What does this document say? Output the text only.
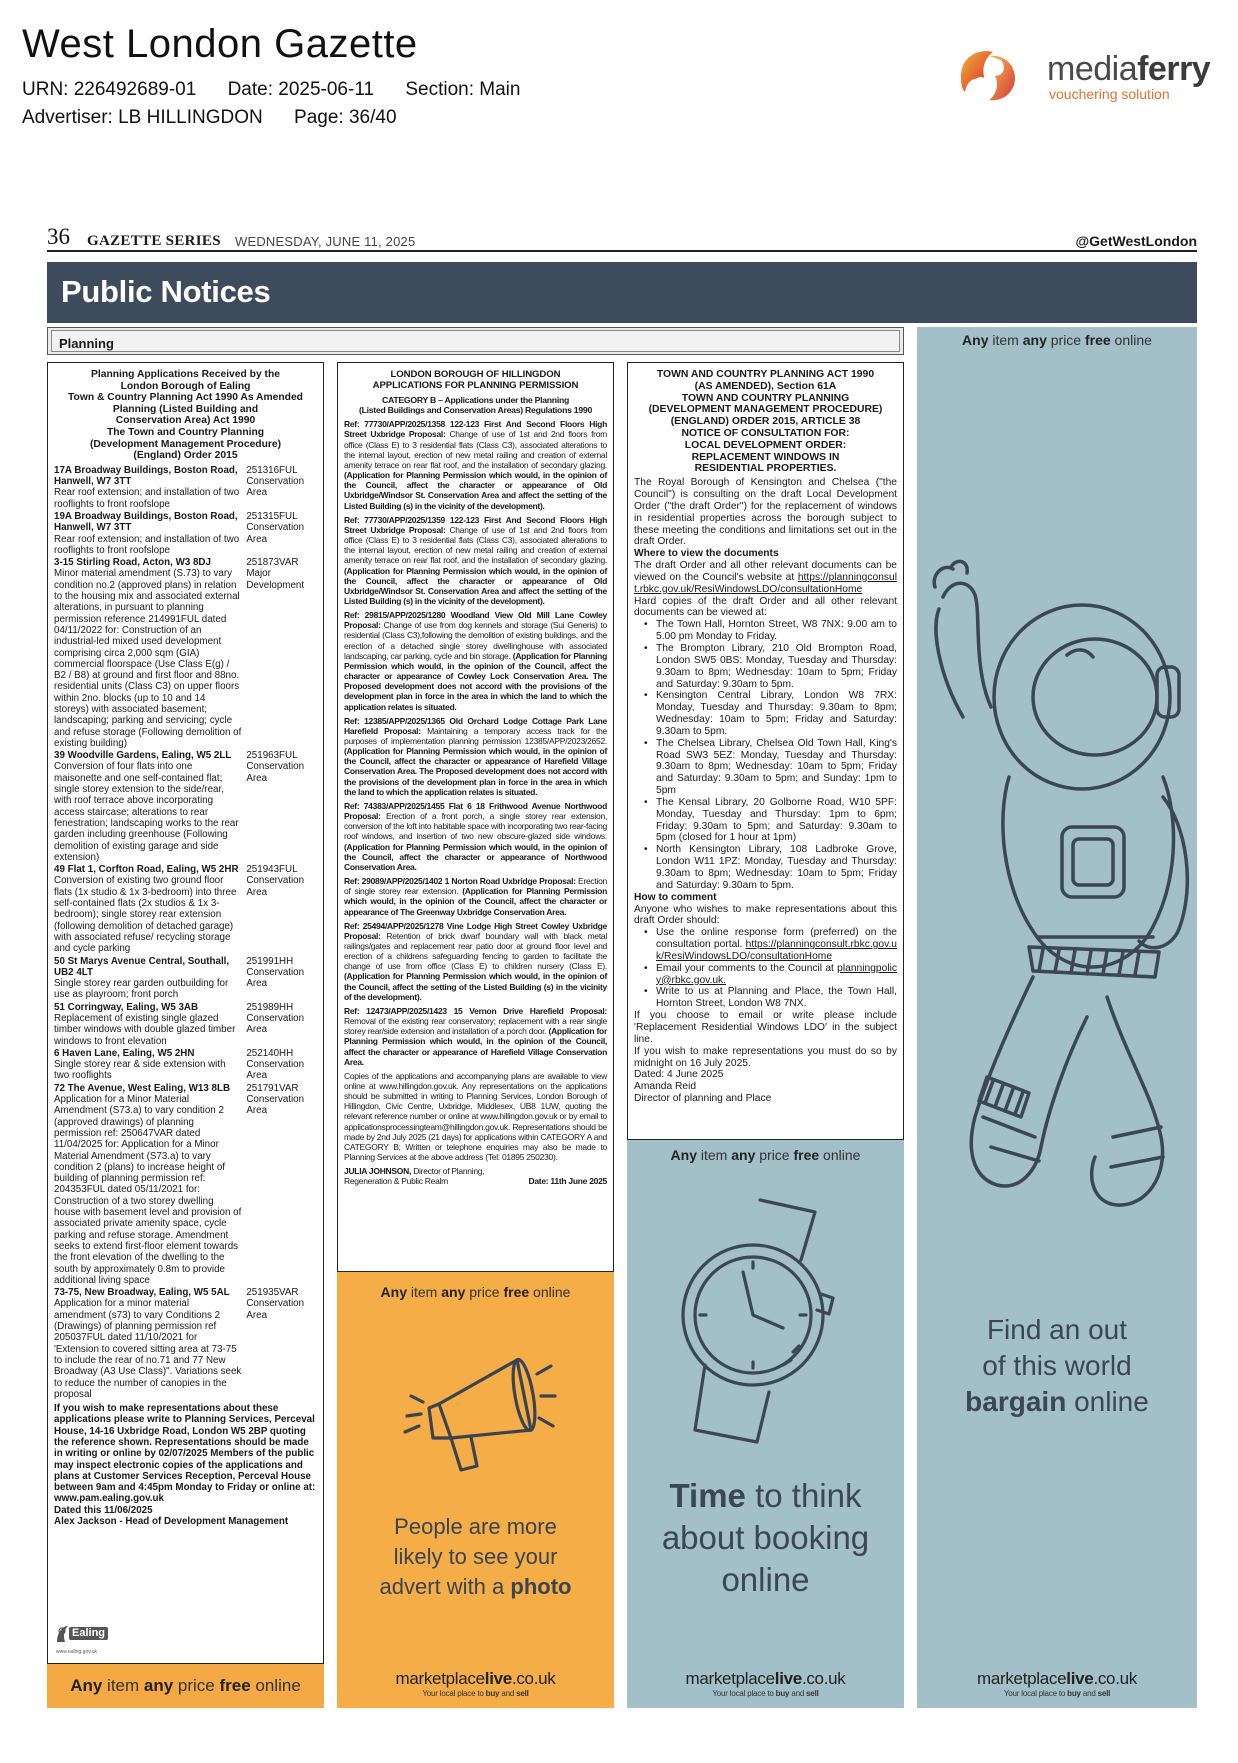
West London Gazette
URN: 226492689-01 Date: 2025-06-11 Section: Main
Advertiser: LB HILLINGDON Page: 36/40
mediaferry
vouchering solution
36 GAZETTE SERIES WEDNESDAY, JUNE 11, 2025	@GetWestLondon
Public Notices
Planning
Planning Applications Received by the
London Borough of Ealing
Town & Country Planning Act 1990 As Amended
Planning (Listed Building and
Conservation Area) Act 1990
The Town and Country Planning
(Development Management Procedure)
(England) Order 2015
17A Broadway Buildings, Boston Road, Hanwell, W7 3TT
Rear roof extension; and installation of two rooflights to front roofslope
251316FUL
Conservation Area
19A Broadway Buildings, Boston Road, Hanwell, W7 3TT
Rear roof extension; and installation of two rooflights to front roofslope
251315FUL
Conservation Area
3-15 Stirling Road, Acton, W3 8DJ
Minor material amendment (S.73) to vary condition no.2 (approved plans) in relation to the housing mix and associated external alterations, in pursuant to planning permission reference 214991FUL dated 04/11/2022 for: Construction of an industrial-led mixed used development comprising circa 2,000 sqm (GIA) commercial floorspace (Use Class E(g) / B2 / B8) at ground and first floor and 88no. residential units (Class C3) on upper floors within 2no. blocks (up to 10 and 14 storeys) with associated basement; landscaping; parking and servicing; cycle and refuse storage (Following demolition of existing building)
251873VAR
Major Development
39 Woodville Gardens, Ealing, W5 2LL
Conversion of four flats into one maisonette and one self-contained flat; single storey extension to the side/rear, with roof terrace above incorporating access staircase; alterations to rear fenestration; landscaping works to the rear garden including greenhouse (Following demolition of existing garage and side extension)
251963FUL
Conservation Area
49 Flat 1, Corfton Road, Ealing, W5 2HR
Conversion of existing two ground floor flats (1x studio & 1x 3-bedroom) into three self-contained flats (2x studios & 1x 3-bedroom); single storey rear extension (following demolition of detached garage) with associated refuse/ recycling storage and cycle parking
251943FUL
Conservation Area
50 St Marys Avenue Central, Southall, UB2 4LT
Single storey rear garden outbuilding for use as playroom; front porch
251991HH
Conservation Area
51 Corringway, Ealing, W5 3AB
Replacement of existing single glazed timber windows with double glazed timber windows to front elevation
251989HH
Conservation Area
6 Haven Lane, Ealing, W5 2HN
Single storey rear & side extension with two rooflights
252140HH
Conservation Area
72 The Avenue, West Ealing, W13 8LB
Application for a Minor Material Amendment (S73.a) to vary condition 2 (approved drawings) of planning permission ref: 250647VAR dated 11/04/2025 for: Application for a Minor Material Amendment (S73.a) to vary condition 2 (plans) to increase height of building of planning permission ref: 204353FUL dated 05/11/2021 for: Construction of a two storey dwelling house with basement level and provision of associated private amenity space, cycle parking and refuse storage. Amendment seeks to extend first-floor element towards the front elevation of the dwelling to the south by approximately 0.8m to provide additional living space
251791VAR
Conservation Area
73-75, New Broadway, Ealing, W5 5AL
Application for a minor material amendment (s73) to vary Conditions 2 (Drawings) of planning permission ref 205037FUL dated 11/10/2021 for 'Extension to covered sitting area at 73-75 to include the rear of no.71 and 77 New Broadway (A3 Use Class)". Variations seek to reduce the number of canopies in the proposal
251935VAR
Conservation Area
If you wish to make representations about these applications please write to Planning Services, Perceval House, 14-16 Uxbridge Road, London W5 2BP quoting the reference shown. Representations should be made in writing or online by 02/07/2025 Members of the public may inspect electronic copies of the applications and plans at Customer Services Reception, Perceval House between 9am and 4:45pm Monday to Friday or online at: www.pam.ealing.gov.uk
Dated this 11/06/2025
Alex Jackson - Head of Development Management
Ealing
www.ealing.gov.uk
LONDON BOROUGH OF HILLINGDON
APPLICATIONS FOR PLANNING PERMISSION
CATEGORY B – Applications under the Planning
(Listed Buildings and Conservation Areas) Regulations 1990

Ref: 77730/APP/2025/1358 122-123 First And Second Floors High Street Uxbridge Proposal: Change of use of 1st and 2nd floors from office (Class E) to 3 residential flats (Class C3), associated alterations to the internal layout, erection of new metal railing and creation of external amenity terrace on rear flat roof, and the installation of secondary glazing. (Application for Planning Permission which would, in the opinion of the Council, affect the character or appearance of Old Uxbridge/Windsor St. Conservation Area and affect the setting of the Listed Building (s) in the vicinity of the development).

Ref: 77730/APP/2025/1359 122-123 First And Second Floors High Street Uxbridge Proposal: Change of use of 1st and 2nd floors from office (Class E) to 3 residential flats (Class C3), associated alterations to the internal layout, erection of new metal railing and creation of external amenity terrace on rear flat roof, and the installation of secondary glazing. (Application for Planning Permission which would, in the opinion of the Council, affect the character or appearance of Old Uxbridge/Windsor St. Conservation Area and affect the setting of the Listed Building (s) in the vicinity of the development).

Ref: 29815/APP/2025/1280 Woodland View Old Mill Lane Cowley Proposal: Change of use from dog kennels and storage (Sui Generis) to residential (Class C3),following the demolition of existing buildings, and the erection of a detached single storey dwellinghouse with associated landscaping, car parking, cycle and bin storage. (Application for Planning Permission which would, in the opinion of the Council, affect the character or appearance of Cowley Lock Conservation Area. The Proposed development does not accord with the provisions of the development plan in force in the area in which the land to which the application relates is situated.

Ref: 12385/APP/2025/1365 Old Orchard Lodge Cottage Park Lane Harefield Proposal: Maintaining a temporary access track for the purposes of implementation planning permission 12385/APP/2023/2652. (Application for Planning Permission which would, in the opinion of the Council, affect the character or appearance of Harefield Village Conservation Area. The Proposed development does not accord with the provisions of the development plan in force in the area in which the land to which the application relates is situated.

Ref: 74383/APP/2025/1455 Flat 6 18 Frithwood Avenue Northwood Proposal: Erection of a front porch, a single storey rear extension, conversion of the loft into habitable space with incorporating two rear-facing roof windows, and insertion of two new obscure-glazed side windows. (Application for Planning Permission which would, in the opinion of the Council, affect the character or appearance of Northwood Conservation Area.

Ref: 29089/APP/2025/1402 1 Norton Road Uxbridge Proposal: Erection of single storey rear extension. (Application for Planning Permission which would, in the opinion of the Council, affect the character or appearance of The Greenway Uxbridge Conservation Area.

Ref: 25494/APP/2025/1278 Vine Lodge High Street Cowley Uxbridge Proposal: Retention of brick dwarf boundary wall with black metal railings/gates and replacement rear patio door at ground floor level and erection of a childrens safeguarding fencing to garden to facilitate the change of use from office (Class E) to children nursery (Class E). (Application for Planning Permission which would, in the opinion of the Council, affect the setting of the Listed Building (s) in the vicinity of the development).

Ref: 12473/APP/2025/1423 15 Vernon Drive Harefield Proposal: Removal of the existing rear conservatory; replacement with a rear single storey rear/side extension and installation of a porch door. (Application for Planning Permission which would, in the opinion of the Council, affect the character or appearance of Harefield Village Conservation Area.

Copies of the applications and accompanying plans are available to view online at www.hillingdon.gov.uk. Any representations on the applications should be submitted in writing to Planning Services, London Borough of Hillingdon, Civic Centre, Uxbridge, Middlesex, UB8 1UW, quoting the relevant reference number or online at www.hillingdon.gov.uk or by email to applicationsprocessingteam@hillingdon.gov.uk. Representations should be made by 2nd July 2025 (21 days) for applications within CATEGORY A and CATEGORY B; Written or telephone enquiries may also be made to Planning Services at the above address (Tel: 01895 250230).

JULIA JOHNSON, Director of Planning,
Regeneration & Public Realm	Date: 11th June 2025
TOWN AND COUNTRY PLANNING ACT 1990
(AS AMENDED), Section 61A
TOWN AND COUNTRY PLANNING
(DEVELOPMENT MANAGEMENT PROCEDURE)
(ENGLAND) ORDER 2015, ARTICLE 38
NOTICE OF CONSULTATION FOR:
LOCAL DEVELOPMENT ORDER:
REPLACEMENT WINDOWS IN
RESIDENTIAL PROPERTIES.
The Royal Borough of Kensington and Chelsea ("the Council") is consulting on the draft Local Development Order ("the draft Order") for the replacement of windows in residential properties across the borough subject to these meeting the conditions and limitations set out in the draft Order.
Where to view the documents
The draft Order and all other relevant documents can be viewed on the Council's website at https://planningconsult.rbkc.gov.uk/ResiWindowsLDO/consultationHome
Hard copies of the draft Order and all other relevant documents can be viewed at:
• The Town Hall, Hornton Street, W8 7NX: 9.00 am to 5.00 pm Monday to Friday.
• The Brompton Library, 210 Old Brompton Road, London SW5 0BS: Monday, Tuesday and Thursday: 9.30am to 8pm; Wednesday: 10am to 5pm; Friday and Saturday: 9.30am to 5pm.
• Kensington Central Library, London W8 7RX: Monday, Tuesday and Thursday: 9.30am to 8pm; Wednesday: 10am to 5pm; Friday and Saturday: 9.30am to 5pm.
• The Chelsea Library, Chelsea Old Town Hall, King's Road SW3 5EZ: Monday, Tuesday and Thursday: 9.30am to 8pm; Wednesday: 10am to 5pm; Friday and Saturday: 9.30am to 5pm; and Sunday: 1pm to 5pm
• The Kensal Library, 20 Golborne Road, W10 5PF: Monday, Tuesday and Thursday: 1pm to 6pm; Friday: 9.30am to 5pm; and Saturday: 9.30am to 5pm (closed for 1 hour at 1pm)
• North Kensington Library, 108 Ladbroke Grove, London W11 1PZ: Monday, Tuesday and Thursday: 9.30am to 8pm; Wednesday: 10am to 5pm; Friday and Saturday: 9.30am to 5pm.
How to comment
Anyone who wishes to make representations about this draft Order should:
• Use the online response form (preferred) on the consultation portal. https://planningconsult.rbkc.gov.uk/ResiWindowsLDO/consultationHome
• Email your comments to the Council at planningpolicy@rbkc.gov.uk.
• Write to us at Planning and Place, the Town Hall, Hornton Street, London W8 7NX.
If you choose to email or write please include 'Replacement Residential Windows LDO' in the subject line.
If you wish to make representations you must do so by midnight on 16 July 2025.
Dated: 4 June 2025
Amanda Reid
Director of planning and Place
Any item any price free online
Any item any price free online
People are more
likely to see your
advert with a photo
marketplacelive.co.uk
Your local place to buy and sell
Any item any price free online
Time to think
about booking
online
marketplacelive.co.uk
Your local place to buy and sell
Any item any price free online
Find an out
of this world
bargain online
marketplacelive.co.uk
Your local place to buy and sell
